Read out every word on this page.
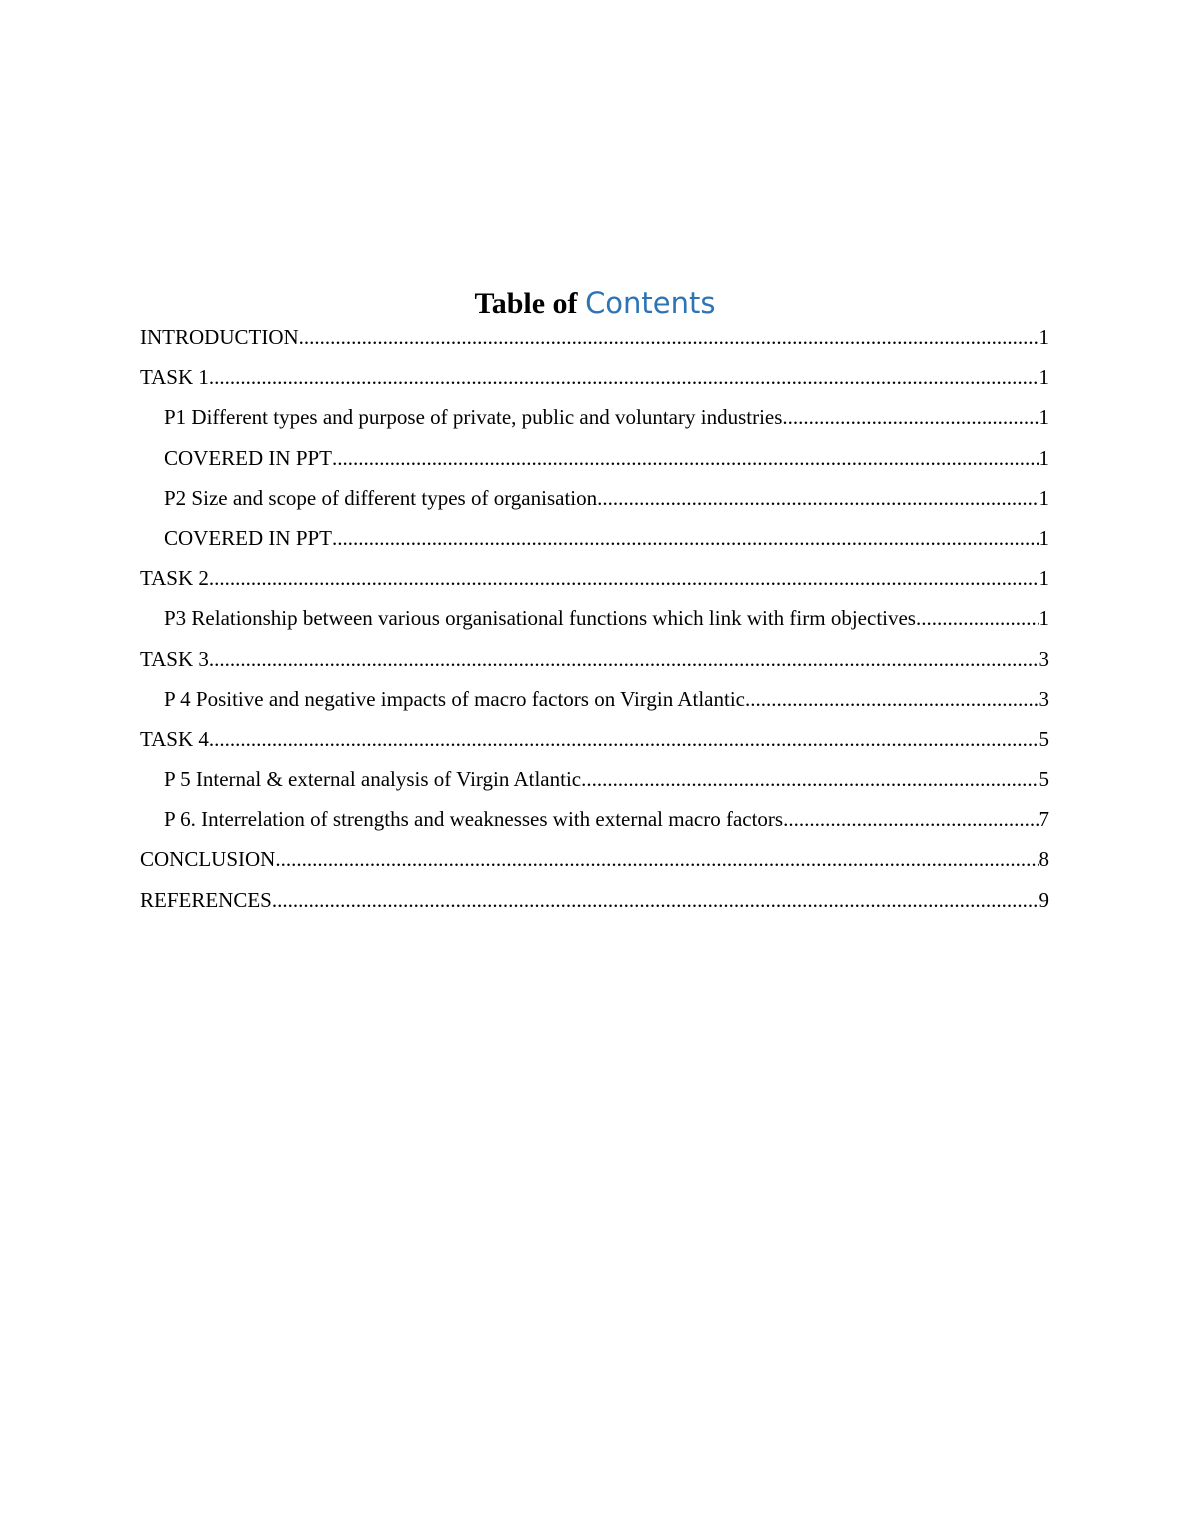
Table of Contents
INTRODUCTION .....	1
TASK 1 .....	1
P1 Different types and purpose of private, public and voluntary industries .....	1
COVERED IN PPT .....	1
P2 Size and scope of different types of organisation .....	1
COVERED IN PPT .....	1
TASK 2 .....	1
P3 Relationship between various organisational functions which link with firm objectives .....	1
TASK 3 .....	3
P 4 Positive and negative impacts of macro factors on Virgin Atlantic .....	3
TASK 4 .....	5
P 5 Internal & external analysis of Virgin Atlantic .....	5
P 6. Interrelation of strengths and weaknesses with external macro factors .....	7
CONCLUSION .....	8
REFERENCES .....	9
